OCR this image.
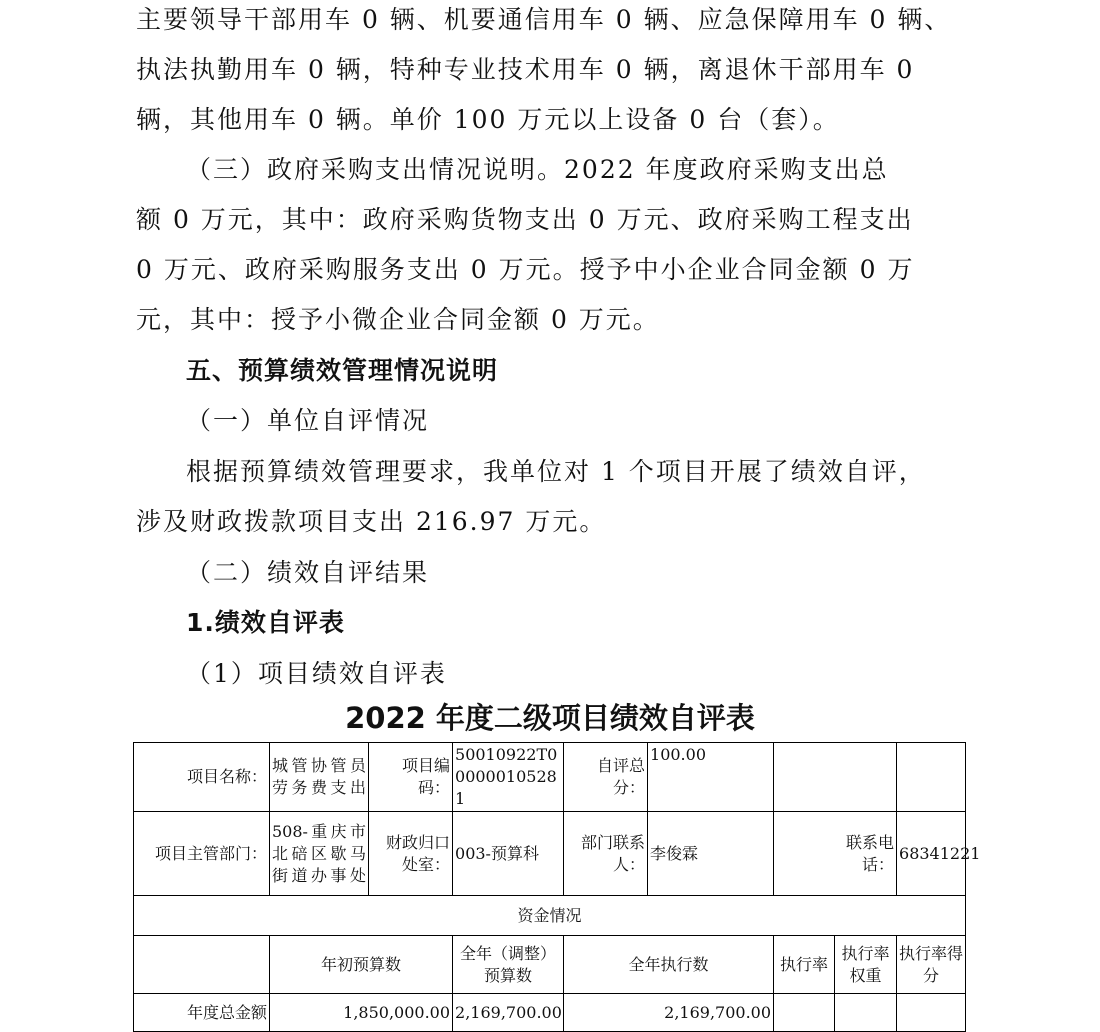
主要领导干部用车 0 辆、机要通信用车 0 辆、应急保障用车 0 辆、
执法执勤用车 0 辆，特种专业技术用车 0 辆，离退休干部用车 0
辆，其他用车 0 辆。单价 100 万元以上设备 0 台（套）。
（三）政府采购支出情况说明。2022 年度政府采购支出总
额 0 万元，其中：政府采购货物支出 0 万元、政府采购工程支出
0 万元、政府采购服务支出 0 万元。授予中小企业合同金额 0 万
元，其中：授予小微企业合同金额 0 万元。
五、预算绩效管理情况说明
（一）单位自评情况
根据预算绩效管理要求，我单位对 1 个项目开展了绩效自评，
涉及财政拨款项目支出 216.97 万元。
（二）绩效自评结果
1.绩效自评表
（1）项目绩效自评表
2022 年度二级项目绩效自评表
项目名称：	城管协管员劳务费支出	项目编码：	50010922T000000105281	自评总分：	100.00			
项目主管部门：	508-重庆市北碚区歇马街道办事处	财政归口处室：	003-预算科	部门联系人：	李俊霖	联系电话：		68341221
资金情况								
	年初预算数		全年（调整）预算数	全年执行数		执行率	执行率权重	执行率得分
年度总金额	1,850,000.00		2,169,700.00	2,169,700.00				
